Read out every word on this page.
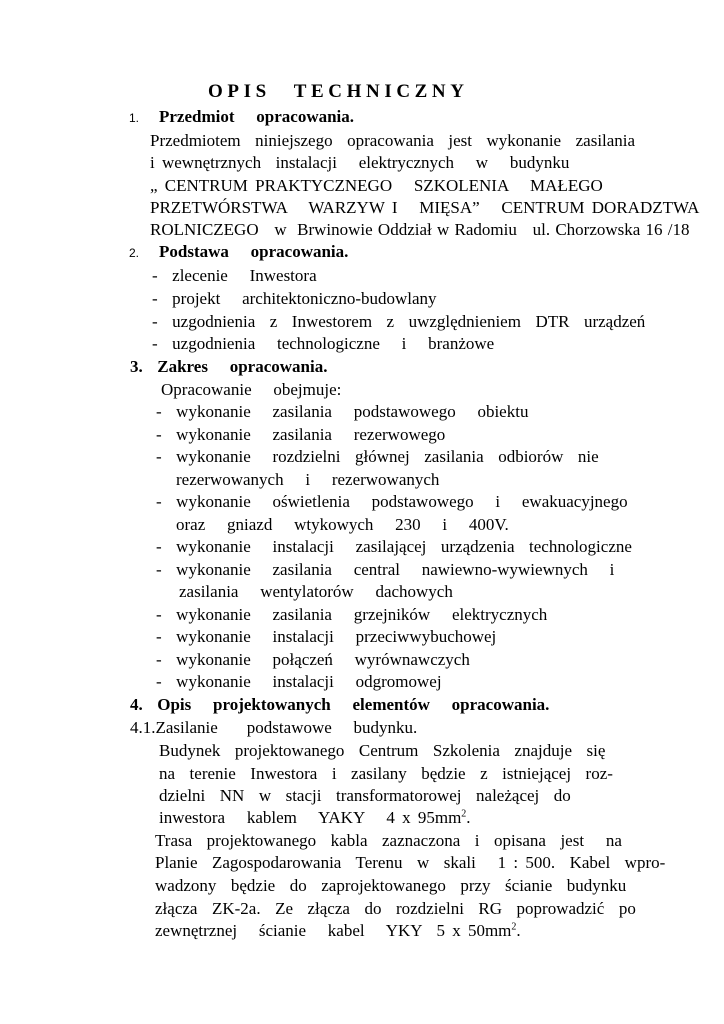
OPIS TECHNICZNY
1. Przedmiot   opracowania.
Przedmiotem  niniejszego  opracowania  jest  wykonanie  zasilania
i wewnętrznych  instalacji   elektrycznych   w   budynku
„ CENTRUM PRAKTYCZNEGO   SZKOLENIA   MAŁEGO
PRZETWÓRSTWA   WARZYW I   MIĘSA”   CENTRUM DORADZTWA
ROLNICZEGO   w  Brwinowie Oddział w Radomiu   ul. Chorzowska 16 /18
2. Podstawa   opracowania.
-  zlecenie   Inwestora
-  projekt   architektoniczno-budowlany
-  uzgodnienia  z  Inwestorem  z  uwzględnieniem  DTR  urządzeń
-  uzgodnienia   technologiczne   i   branżowe
3.  Zakres   opracowania.
Opracowanie   obejmuje:
-  wykonanie   zasilania   podstawowego   obiektu
-  wykonanie   zasilania   rezerwowego
-  wykonanie   rozdzielni  głównej  zasilania  odbiorów  nie
rezerwowanych   i   rezerwowanych
-  wykonanie   oświetlenia   podstawowego   i   ewakuacyjnego
oraz   gniazd   wtykowych   230   i   400V.
-  wykonanie   instalacji   zasilającej  urządzenia  technologiczne
-  wykonanie   zasilania   central   nawiewno-wywiewnych   i
zasilania   wentylatorów   dachowych
-  wykonanie   zasilania   grzejników   elektrycznych
-  wykonanie   instalacji   przeciwwybuchowej
-  wykonanie   połączeń   wyrównawczych
-  wykonanie   instalacji   odgromowej
4.  Opis   projektowanych   elementów   opracowania.
4.1.Zasilanie    podstawowe   budynku.
Budynek  projektowanego  Centrum  Szkolenia  znajduje  się
na  terenie  Inwestora  i  zasilany  będzie  z  istniejącej  roz-
dzielni  NN  w  stacji  transformatorowej  należącej  do
inwestora   kablem   YAKY   4 x $95mm^2$.
Trasa  projektowanego  kabla  zaznaczona  i  opisana  jest   na
Planie  Zagospodarowania  Terenu  w  skali   1 : 500.  Kabel  wpro-
wadzony  będzie  do  zaprojektowanego  przy  ścianie  budynku
złącza  ZK-2a.  Ze  złącza  do  rozdzielni  RG  poprowadzić  po
zewnętrznej   ścianie   kabel   YKY  5 x $50mm^2$.
